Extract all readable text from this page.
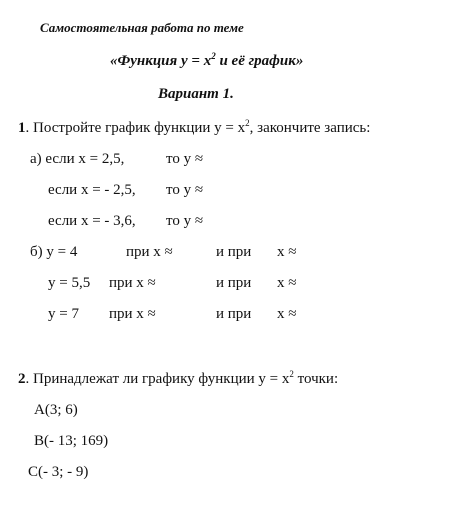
Самостоятельная работа по теме
«Функция $y = x^2$ и её график»
Вариант 1.
1. Постройте график функции $y = x^2$, закончите запись:
а) если x = 2,5,	то y ≈
если x = - 2,5, то y ≈
если x = - 3,6, то y ≈
б) y = 4	при x ≈	и при x ≈
y = 5,5 при x ≈	и при x ≈
y = 7 при x ≈	и при x ≈
2. Принадлежат ли графику функции $y = x^2$ точки:
A(3; 6)
B(- 13; 169)
C(- 3; - 9)
